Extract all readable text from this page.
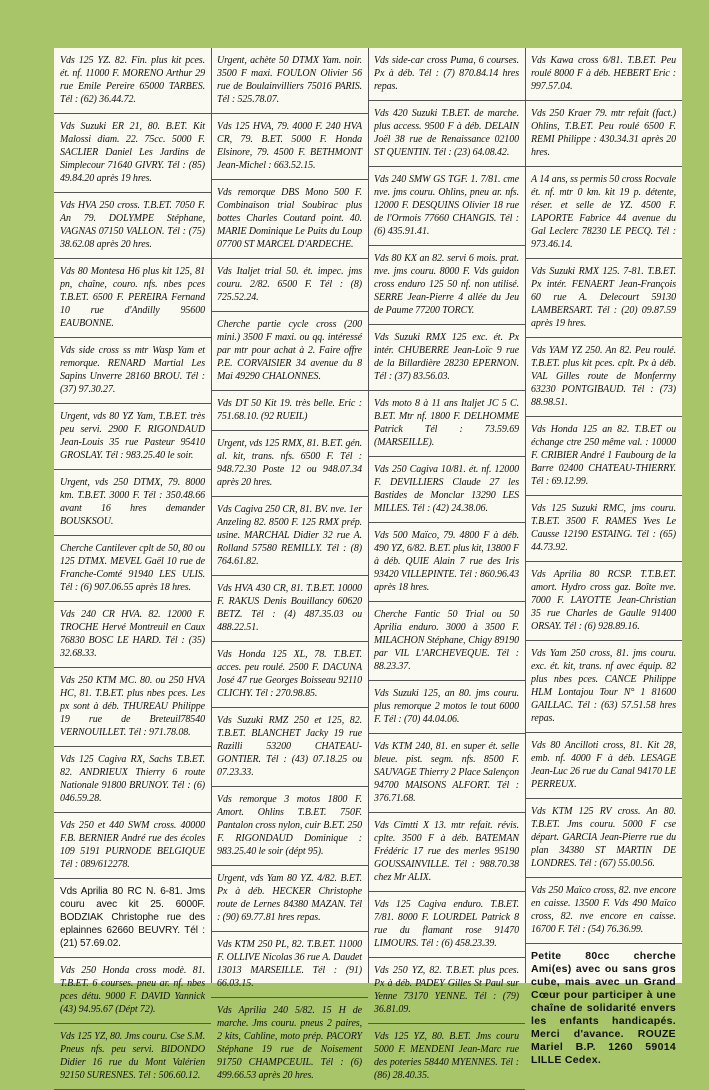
Vds 125 YZ. 82. Fin. plus kit pces. ét. nf. 11000 F. MORENO Arthur 29 rue Emile Pereire 65000 TARBES. Tél : (62) 36.44.72.
Vds Suzuki ER 21, 80. B.ET. Kit Malossi diam. 22. 75cc. 5000 F. SACLIER Daniel Les Jardins de Simplecour 71640 GIVRY. Tél : (85) 49.84.20 après 19 hres.
Vds HVA 250 cross. T.B.ET. 7050 F. An 79. DOLYMPE Stéphane, VAGNAS 07150 VALLON. Tél : (75) 38.62.08 après 20 hres.
Vds 80 Montesa H6 plus kit 125, 81 pn, chaîne, couro. nfs. nbes pces T.B.ET. 6500 F. PEREIRA Fernand 10 rue d'Andilly 95600 EAUBONNE.
Vds side cross ss mtr Wasp Yam et remorque. RENARD Martial Les Sapins Unverre 28160 BROU. Tél : (37) 97.30.27.
Urgent, vds 80 YZ Yam, T.B.ET. très peu servi. 2900 F. RIGONDAUD Jean-Louis 35 rue Pasteur 95410 GROSLAY. Tél : 983.25.40 le soir.
Urgent, vds 250 DTMX, 79. 8000 km. T.B.ET. 3000 F. Tél : 350.48.66 avant 16 hres demander BOUSKSOU.
Cherche Cantilever cplt de 50, 80 ou 125 DTMX. MEVEL Gaël 10 rue de Franche-Comté 91940 LES ULIS. Tél : (6) 907.06.55 après 18 hres.
Vds 240 CR HVA. 82. 12000 F. TROCHE Hervé Montreuil en Caux 76830 BOSC LE HARD. Tél : (35) 32.68.33.
Vds 250 KTM MC. 80. ou 250 HVA HC, 81. T.B.ET. plus nbes pces. Les px sont à déb. THUREAU Philippe 19 rue de Breteuil78540 VERNOUILLET. Tél : 971.78.08.
Vds 125 Cagiva RX, Sachs T.B.ET. 82. ANDRIEUX Thierry 6 route Nationale 91800 BRUNOY. Tél : (6) 046.59.28.
Vds 250 et 440 SWM cross. 40000 F.B. BERNIER André rue des écoles 109 5191 PURNODE BELGIQUE Tél : 089/612278.
Vds Aprilia 80 RC N. 6-81. Jms couru avec kit 25. 6000F. BODZIAK Christophe rue des eplainnes 62660 BEUVRY. Tél : (21) 57.69.02.
Vds 250 Honda cross modè. 81. T.B.ET. 6 courses. pneu ar. nf. nbes pces détu. 9000 F. DAVID Yannick (43) 94.95.67 (Dépt 72).
Vds 125 YZ, 80. Jms couru. Cse S.M. Pneus nfs. peu servi. BIDONDO Didier 16 rue du Mont Valérien 92150 SURESNES. Tél : 506.60.12.
Urgent, achète 50 DTMX Yam. noir. 3500 F maxi. FOULON Olivier 56 rue de Boulainvilliers 75016 PARIS. Tél : 525.78.07.
Vds 125 HVA, 79. 4000 F. 240 HVA CR, 79. B.ET. 5000 F. Honda Elsinore, 79. 4500 F. BETHMONT Jean-Michel : 663.52.15.
Vds remorque DBS Mono 500 F. Combinaison trial Soubirac plus bottes Charles Coutard point. 40. MARIE Dominique Le Puits du Loup 07700 ST MARCEL D'ARDECHE.
Vds Italjet trial 50. ét. impec. jms couru. 2/82. 6500 F. Tél : (8) 725.52.24.
Cherche partie cycle cross (200 mini.) 3500 F maxi. ou qq. intéressé par mtr pour achat à 2. Faire offre P.E. CORVAISIER 34 avenue du 8 Mai 49290 CHALONNES.
Vds DT 50 Kit 19. très belle. Eric : 751.68.10. (92 RUEIL)
Urgent, vds 125 RMX, 81. B.ET. gén. al. kit, trans. nfs. 6500 F. Tél : 948.72.30 Poste 12 ou 948.07.34 après 20 hres.
Vds Cagiva 250 CR, 81. BV. nve. 1er Anzeling 82. 8500 F. 125 RMX prép. usine. MARCHAL Didier 32 rue A. Rolland 57580 REMILLY. Tél : (8) 764.61.82.
Vds HVA 430 CR, 81. T.B.ET. 10000 F. RAKUS Denis Bouillancy 60620 BETZ. Tél : (4) 487.35.03 ou 488.22.51.
Vds Honda 125 XL, 78. T.B.ET. acces. peu roulé. 2500 F. DACUNA José 47 rue Georges Boisseau 92110 CLICHY. Tél : 270.98.85.
Vds Suzuki RMZ 250 et 125, 82. T.B.ET. BLANCHET Jacky 19 rue Razilli 53200 CHATEAU-GONTIER. Tél : (43) 07.18.25 ou 07.23.33.
Vds remorque 3 motos 1800 F. Amort. Ohlins T.B.ET. 750F. Pantalon cross nylon, cuir B.ET. 250 F. RIGONDAUD Dominique : 983.25.40 le soir (dépt 95).
Urgent, vds Yam 80 YZ. 4/82. B.ET. Px à déb. HECKER Christophe route de Lernes 84380 MAZAN. Tél : (90) 69.77.81 hres repas.
Vds KTM 250 PL, 82. T.B.ET. 11000 F. OLLIVE Nicolas 36 rue A. Daudet 13013 MARSEILLE. Tél : (91) 66.03.15.
Vds Aprilia 240 5/82. 15 H de marche. Jms couru. pneus 2 paires, 2 kits, Cahline, moto prép. PACORY Stéphane 19 rue de Noisement 91750 CHAMPCEUIL. Tél : (6) 499.66.53 après 20 hres.
Vds side-car cross Puma, 6 courses. Px à déb. Tél : (7) 870.84.14 hres repas.
Vds 420 Suzuki T.B.ET. de marche. plus access. 9500 F à déb. DELAIN Joël 38 rue de Renaissance 02100 ST QUENTIN. Tél : (23) 64.08.42.
Vds 240 SMW GS TGF. 1. 7/81. cme nve. jms couru. Ohlins, pneu ar. nfs. 12000 F. DESQUINS Olivier 18 rue de l'Ormois 77660 CHANGIS. Tél : (6) 435.91.41.
Vds 80 KX an 82. servi 6 mois. prat. nve. jms couru. 8000 F. Vds guidon cross enduro 125 50 nf. non utilisé. SERRE Jean-Pierre 4 allée du Jeu de Paume 77200 TORCY.
Vds Suzuki RMX 125 exc. ét. Px intér. CHUBERRE Jean-Loïc 9 rue de la Billardière 28230 EPERNON. Tél : (37) 83.56.03.
Vds moto 8 à 11 ans Italjet JC 5 C. B.ET. Mtr nf. 1800 F. DELHOMME Patrick Tél : 73.59.69 (MARSEILLE).
Vds 250 Cagiva 10/81. ét. nf. 12000 F. DEVILLIERS Claude 27 les Bastides de Monclar 13290 LES MILLES. Tél : (42) 24.38.06.
Vds 500 Maïco, 79. 4800 F à déb. 490 YZ, 6/82. B.ET. plus kit, 13800 F à déb. QUIE Alain 7 rue des Iris 93420 VILLEPINTE. Tél : 860.96.43 après 18 hres.
Cherche Fantic 50 Trial ou 50 Aprilia enduro. 3000 à 3500 F. MILACHON Stéphane, Chigy 89190 par VIL L'ARCHEVEQUE. Tél : 88.23.37.
Vds Suzuki 125, an 80. jms couru. plus remorque 2 motos le tout 6000 F. Tél : (70) 44.04.06.
Vds KTM 240, 81. en super ét. selle bleue. pist. segm. nfs. 8500 F. SAUVAGE Thierry 2 Place Salençon 94700 MAISONS ALFORT. Tél : 376.71.68.
Vds Cimtti X 13. mtr refait. révis. cplte. 3500 F à déb. BATEMAN Frédéric 17 rue des merles 95190 GOUSSAINVILLE. Tél : 988.70.38 chez Mr ALIX.
Vds 125 Cagiva enduro. T.B.ET. 7/81. 8000 F. LOURDEL Patrick 8 rue du flamant rose 91470 LIMOURS. Tél : (6) 458.23.39.
Vds 250 YZ, 82. T.B.ET. plus pces. Px à déb. PADEY Gilles St Paul sur Yenne 73170 YENNE. Tél : (79) 36.81.09.
Vds 125 YZ, 80. B.ET. Jms couru 5000 F. MENDENI Jean-Marc rue des poteries 58440 MYENNES. Tél : (86) 28.40.35.
Vds Kawa cross 6/81. T.B.ET. Peu roulé 8000 F à déb. HEBERT Eric : 997.57.04.
Vds 250 Kraer 79. mtr refait (fact.) Ohlins, T.B.ET. Peu roulé 6500 F. REMI Philippe : 430.34.31 après 20 hres.
A 14 ans, ss permis 50 cross Rocvale ét. nf. mtr 0 km. kit 19 p. détente, réser. et selle de YZ. 4500 F. LAPORTE Fabrice 44 avenue du Gal Leclerc 78230 LE PECQ. Tél : 973.46.14.
Vds Suzuki RMX 125. 7-81. T.B.ET. Px intér. FENAERT Jean-François 60 rue A. Delecourt 59130 LAMBERSART. Tél : (20) 09.87.59 après 19 hres.
Vds YAM YZ 250. An 82. Peu roulé. T.B.ET. plus kit pces. cplt. Px à déb. VAL Gilles route de Monferrny 63230 PONTGIBAUD. Tél : (73) 88.98.51.
Vds Honda 125 an 82. T.B.ET ou échange ctre 250 même val. : 10000 F. CRIBIER André 1 Faubourg de la Barre 02400 CHATEAU-THIERRY. Tél : 69.12.99.
Vds 125 Suzuki RMC, jms couru. T.B.ET. 3500 F. RAMES Yves Le Causse 12190 ESTAING. Tél : (65) 44.73.92.
Vds Aprilia 80 RCSP. T.T.B.ET. amort. Hydro cross gaz. Boîte nve. 7000 F. LAYOTTE Jean-Christian 35 rue Charles de Gaulle 91400 ORSAY. Tél : (6) 928.89.16.
Vds Yam 250 cross, 81. jms couru. exc. ét. kit, trans. nf avec équip. 82 plus nbes pces. CANCE Philippe HLM Lontajou Tour N° 1 81600 GAILLAC. Tél : (63) 57.51.58 hres repas.
Vds 80 Ancilloti cross, 81. Kit 28, emb. nf. 4000 F à déb. LESAGE Jean-Luc 26 rue du Canal 94170 LE PERREUX.
Vds KTM 125 RV cross. An 80. T.B.ET. Jms couru. 5000 F cse départ. GARCIA Jean-Pierre rue du plan 34380 ST MARTIN DE LONDRES. Tél : (67) 55.00.56.
Vds 250 Maïco cross, 82. nve encore en caisse. 13500 F. Vds 490 Maïco cross, 82. nve encore en caisse. 16700 F. Tél : (54) 76.36.99.
Petite 80cc cherche Ami(es) avec ou sans gros cube, mais avec un Grand Cœur pour participer à une chaîne de solidarité envers les enfants handicapés. Merci d'avance. ROUZE Mariel B.P. 1260 59014 LILLE Cedex.
